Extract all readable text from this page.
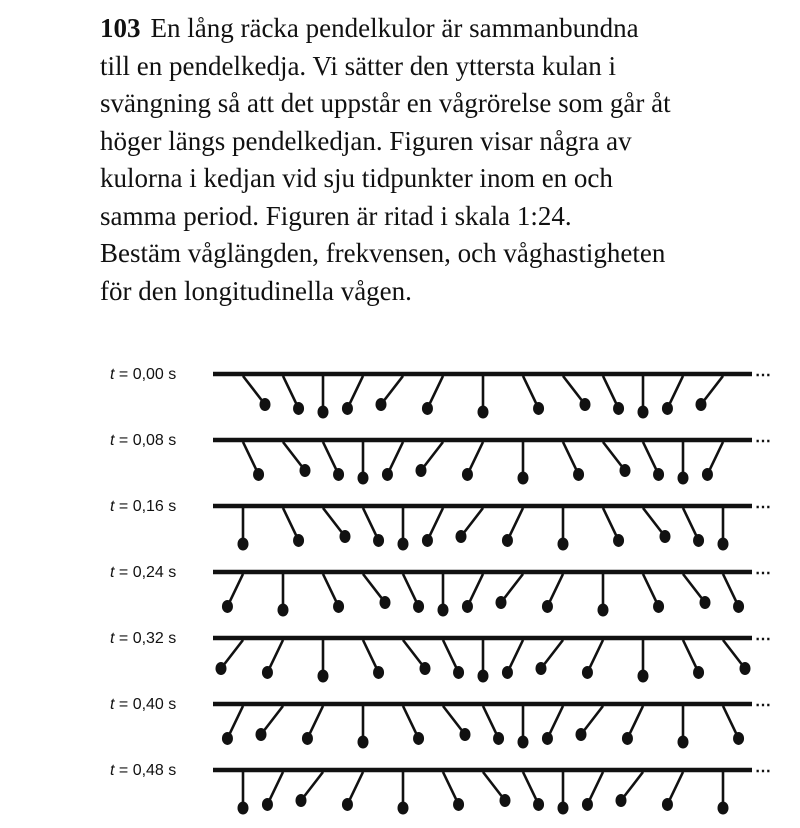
103 En lång räcka pendelkulor är sammanbundna
till en pendelkedja. Vi sätter den yttersta kulan i
svängning så att det uppstår en vågrörelse som går åt
höger längs pendelkedjan. Figuren visar några av
kulorna i kedjan vid sju tidpunkter inom en och
samma period. Figuren är ritad i skala 1:24.
Bestäm våglängden, frekvensen, och våghastigheten
för den longitudinella vågen.
t = 0,00 s	⋯
t = 0,08 s	⋯
t = 0,16 s	⋯
t = 0,24 s	⋯
t = 0,32 s	⋯
t = 0,40 s	⋯
t = 0,48 s	⋯
